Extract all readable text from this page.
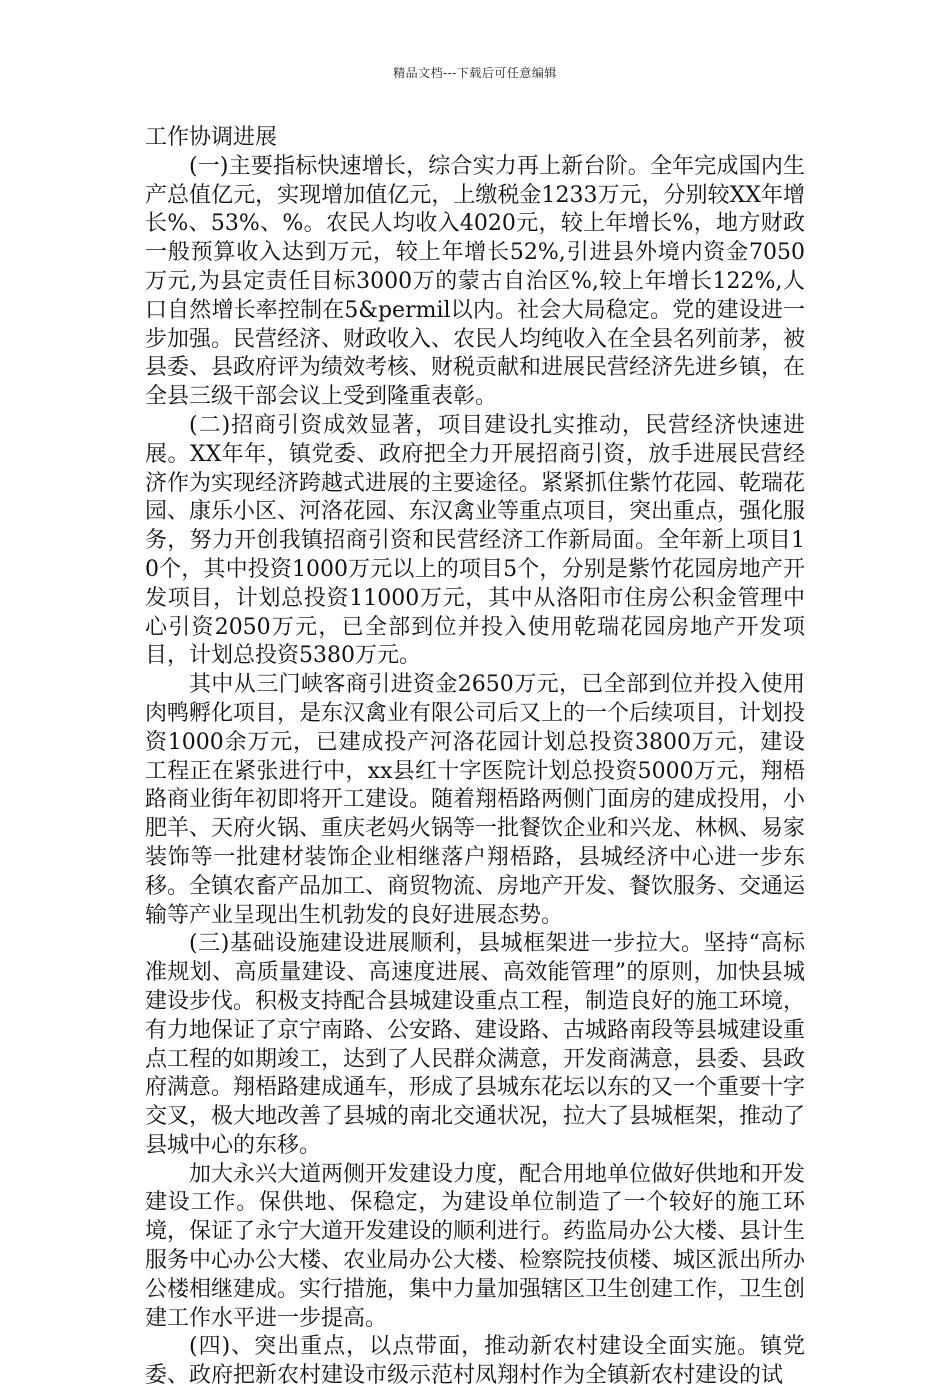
精品文档---下载后可任意编辑
工作协调进展

(一)主要指标快速增长，综合实力再上新台阶。全年完成国内生产总值亿元，实现增加值亿元，上缴税金1233万元，分别较XX年增长%、53%、%。农民人均收入4020元，较上年增长%，地方财政一般预算收入达到万元，较上年增长52%,引进县外境内资金7050万元,为县定责任目标3000万的蒙古自治区%,较上年增长122%,人口自然增长率控制在5&permil以内。社会大局稳定。党的建设进一步加强。民营经济、财政收入、农民人均纯收入在全县名列前茅，被县委、县政府评为绩效考核、财税贡献和进展民营经济先进乡镇，在全县三级干部会议上受到隆重表彰。

(二)招商引资成效显著，项目建设扎实推动，民营经济快速进展。XX年年，镇党委、政府把全力开展招商引资，放手进展民营经济作为实现经济跨越式进展的主要途径。紧紧抓住紫竹花园、乾瑞花园、康乐小区、河洛花园、东汉禽业等重点项目，突出重点，强化服务，努力开创我镇招商引资和民营经济工作新局面。全年新上项目10个，其中投资1000万元以上的项目5个，分别是紫竹花园房地产开发项目，计划总投资11000万元，其中从洛阳市住房公积金管理中心引资2050万元，已全部到位并投入使用乾瑞花园房地产开发项目，计划总投资5380万元。

其中从三门峡客商引进资金2650万元，已全部到位并投入使用肉鸭孵化项目，是东汉禽业有限公司后又上的一个后续项目，计划投资1000余万元，已建成投产河洛花园计划总投资3800万元，建设工程正在紧张进行中，xx县红十字医院计划总投资5000万元，翔梧路商业街年初即将开工建设。随着翔梧路两侧门面房的建成投用，小肥羊、天府火锅、重庆老妈火锅等一批餐饮企业和兴龙、林枫、易家装饰等一批建材装饰企业相继落户翔梧路，县城经济中心进一步东移。全镇农畜产品加工、商贸物流、房地产开发、餐饮服务、交通运输等产业呈现出生机勃发的良好进展态势。

(三)基础设施建设进展顺利，县城框架进一步拉大。坚持“高标准规划、高质量建设、高速度进展、高效能管理”的原则，加快县城建设步伐。积极支持配合县城建设重点工程，制造良好的施工环境，有力地保证了京宁南路、公安路、建设路、古城路南段等县城建设重点工程的如期竣工，达到了人民群众满意，开发商满意，县委、县政府满意。翔梧路建成通车，形成了县城东花坛以东的又一个重要十字交叉，极大地改善了县城的南北交通状况，拉大了县城框架，推动了县城中心的东移。

加大永兴大道两侧开发建设力度，配合用地单位做好供地和开发建设工作。保供地、保稳定，为建设单位制造了一个较好的施工环境，保证了永宁大道开发建设的顺利进行。药监局办公大楼、县计生服务中心办公大楼、农业局办公大楼、检察院技侦楼、城区派出所办公楼相继建成。实行措施，集中力量加强辖区卫生创建工作，卫生创建工作水平进一步提高。

(四)、突出重点，以点带面，推动新农村建设全面实施。镇党委、政府把新农村建设市级示范村凤翔村作为全镇新农村建设的试
